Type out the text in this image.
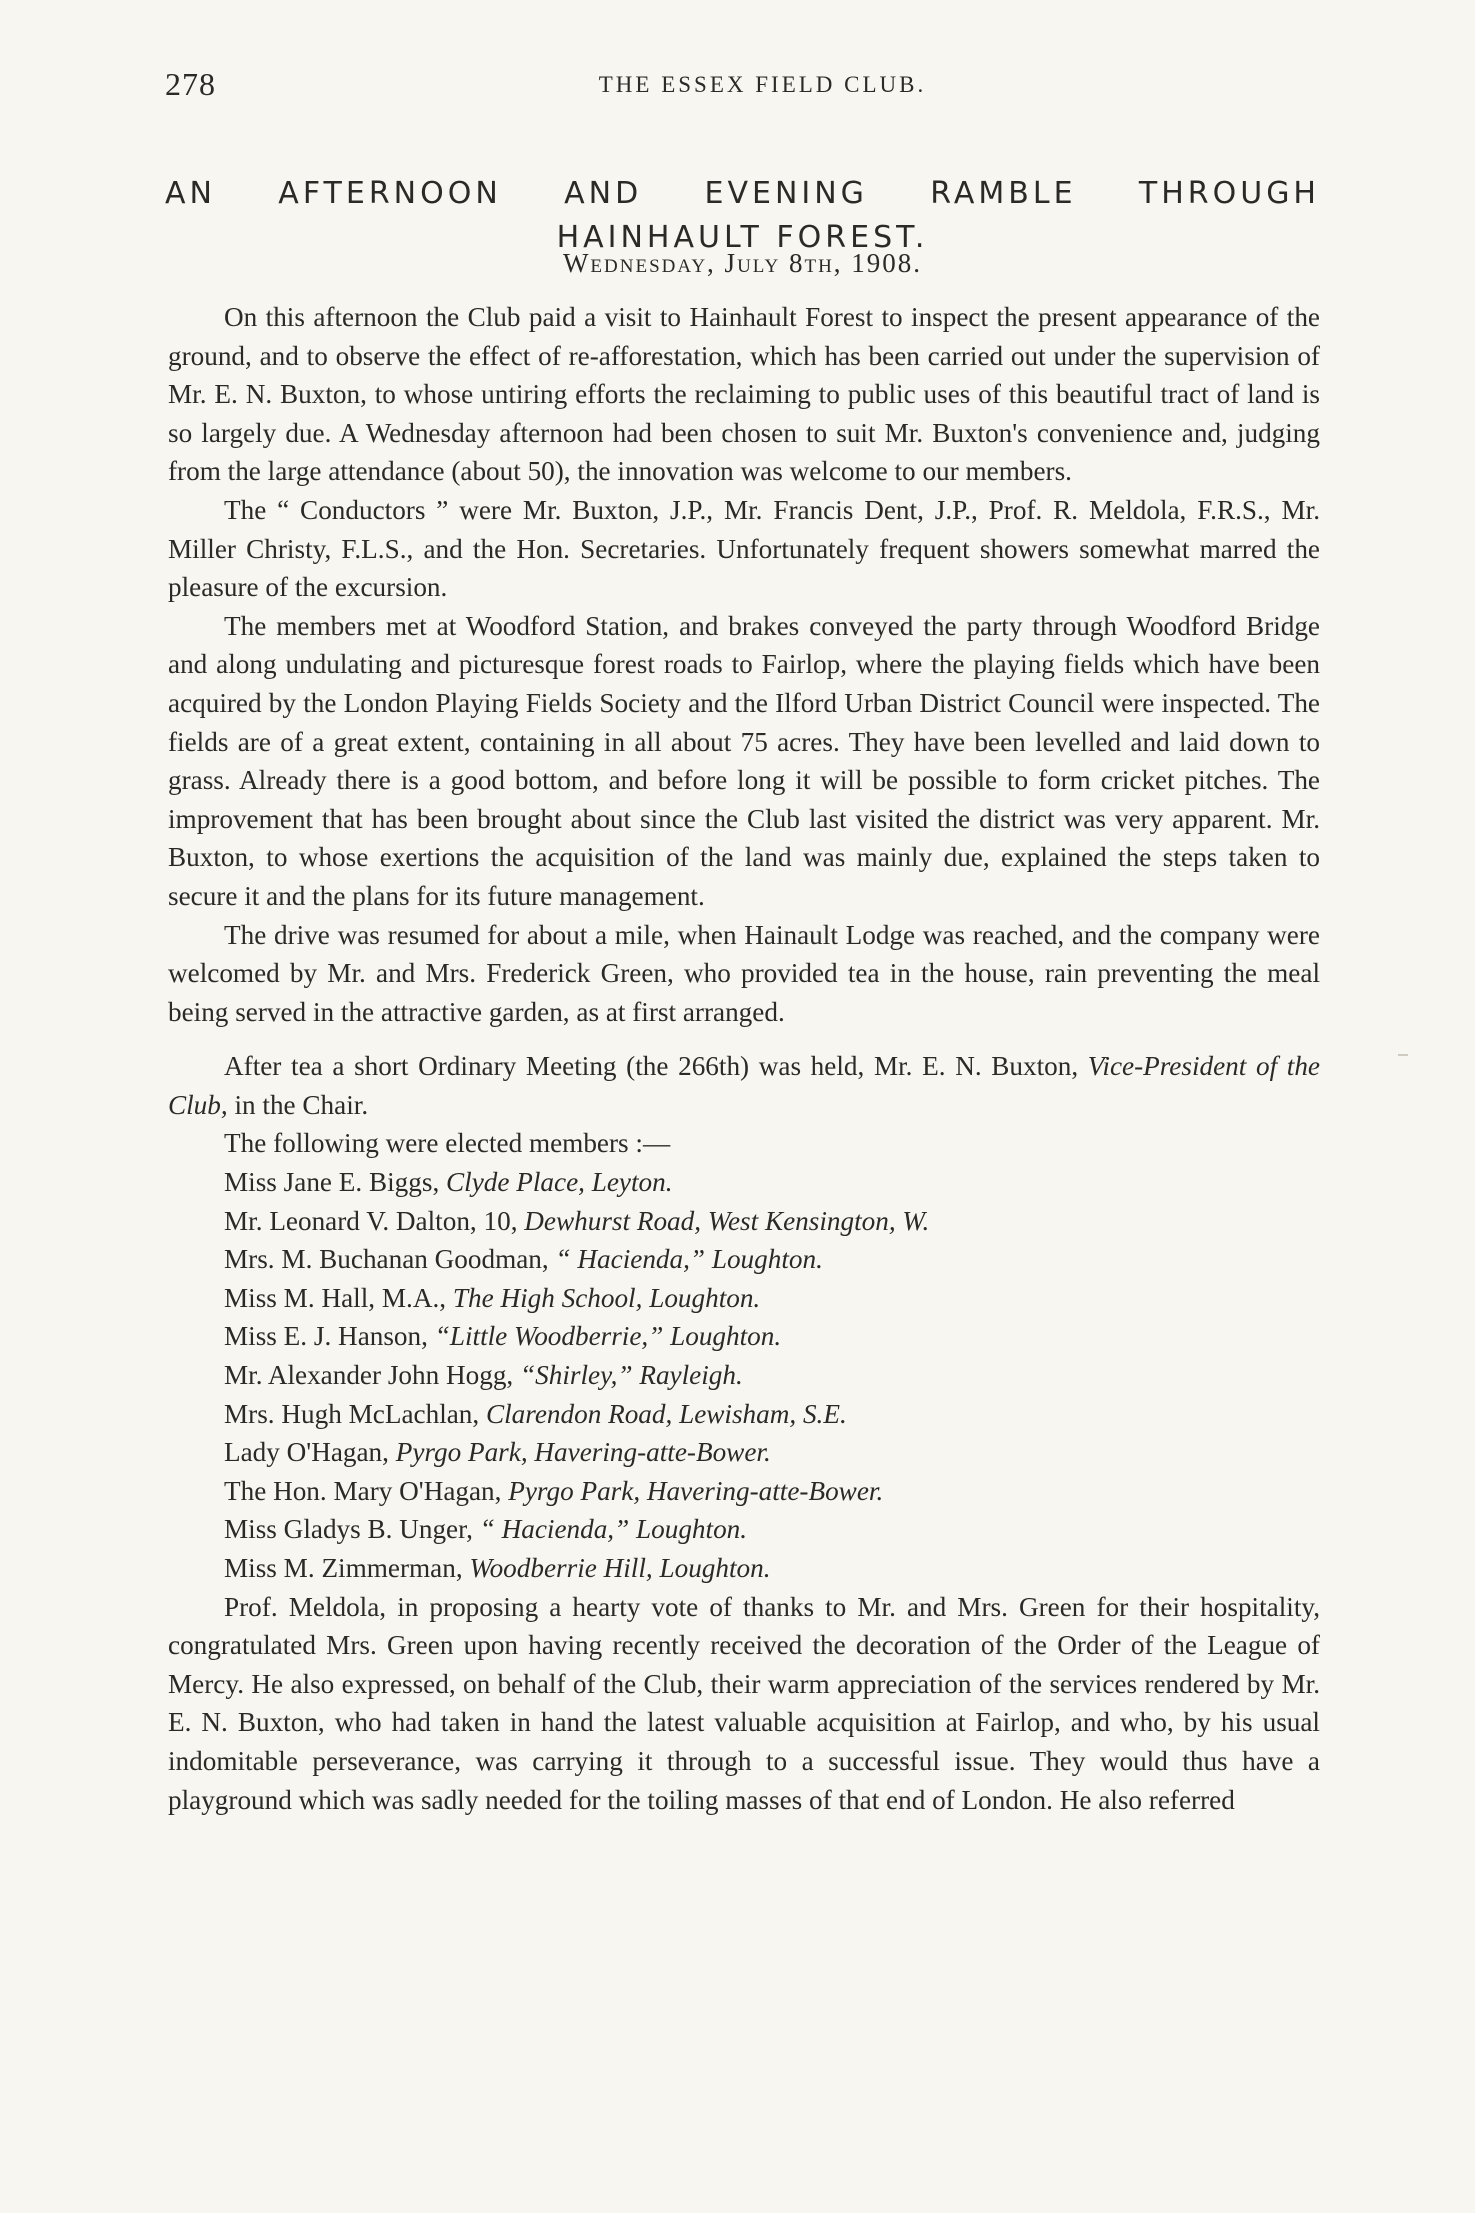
278	THE ESSEX FIELD CLUB.
AN AFTERNOON AND EVENING RAMBLE THROUGH
HAINHAULT FOREST.
Wednesday, July 8th, 1908.

On this afternoon the Club paid a visit to Hainhault Forest to inspect the present appearance of the ground, and to observe the effect of re-afforestation, which has been carried out under the supervision of Mr. E. N. Buxton, to whose untiring efforts the reclaiming to public uses of this beautiful tract of land is so largely due. A Wednesday afternoon had been chosen to suit Mr. Buxton's convenience and, judging from the large attendance (about 50), the innovation was welcome to our members.

The “ Conductors ” were Mr. Buxton, J.P., Mr. Francis Dent, J.P., Prof. R. Meldola, F.R.S., Mr. Miller Christy, F.L.S., and the Hon. Secretaries. Unfortunately frequent showers somewhat marred the pleasure of the excursion.

The members met at Woodford Station, and brakes conveyed the party through Woodford Bridge and along undulating and picturesque forest roads to Fairlop, where the playing fields which have been acquired by the London Playing Fields Society and the Ilford Urban District Council were inspected. The fields are of a great extent, containing in all about 75 acres. They have been levelled and laid down to grass. Already there is a good bottom, and before long it will be possible to form cricket pitches. The improvement that has been brought about since the Club last visited the district was very apparent. Mr. Buxton, to whose exertions the acquisition of the land was mainly due, explained the steps taken to secure it and the plans for its future management.

The drive was resumed for about a mile, when Hainault Lodge was reached, and the company were welcomed by Mr. and Mrs. Frederick Green, who provided tea in the house, rain preventing the meal being served in the attractive garden, as at first arranged.

After tea a short Ordinary Meeting (the 266th) was held, Mr. E. N. Buxton, Vice-President of the Club, in the Chair.

The following were elected members :—

Miss Jane E. Biggs, Clyde Place, Leyton.
Mr. Leonard V. Dalton, 10, Dewhurst Road, West Kensington, W.
Mrs. M. Buchanan Goodman, “ Hacienda,” Loughton.
Miss M. Hall, M.A., The High School, Loughton.
Miss E. J. Hanson, “Little Woodberrie,” Loughton.
Mr. Alexander John Hogg, “Shirley,” Rayleigh.
Mrs. Hugh McLachlan, Clarendon Road, Lewisham, S.E.
Lady O'Hagan, Pyrgo Park, Havering-atte-Bower.
The Hon. Mary O'Hagan, Pyrgo Park, Havering-atte-Bower.
Miss Gladys B. Unger, “ Hacienda,” Loughton.
Miss M. Zimmerman, Woodberrie Hill, Loughton.

Prof. Meldola, in proposing a hearty vote of thanks to Mr. and Mrs. Green for their hospitality, congratulated Mrs. Green upon having recently received the decoration of the Order of the League of Mercy. He also expressed, on behalf of the Club, their warm appreciation of the services rendered by Mr. E. N. Buxton, who had taken in hand the latest valuable acquisition at Fairlop, and who, by his usual indomitable perseverance, was carrying it through to a successful issue. They would thus have a playground which was sadly needed for the toiling masses of that end of London. He also referred
